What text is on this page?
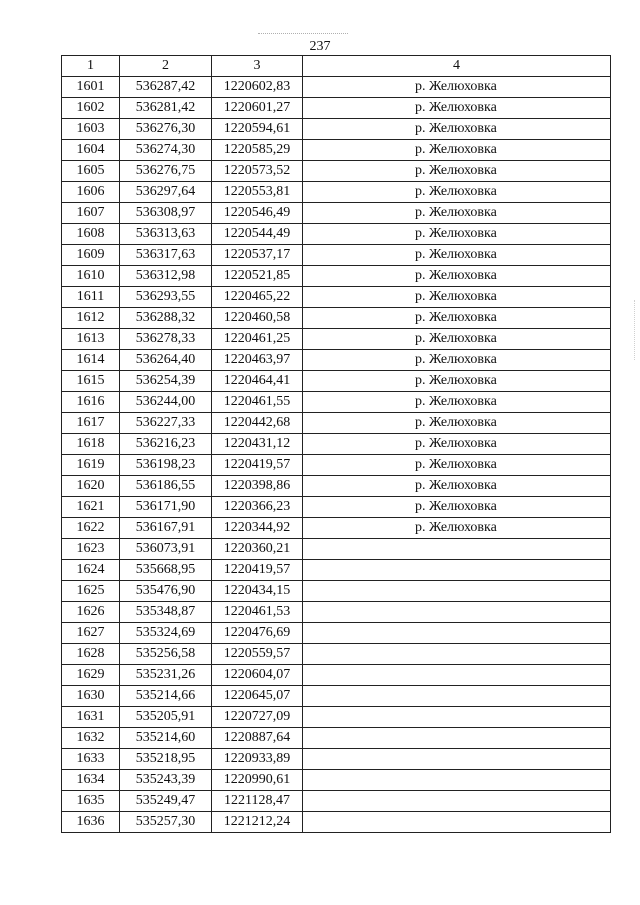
237
1	2	3	4
1601	536287,42	1220602,83	р. Желюховка
1602	536281,42	1220601,27	р. Желюховка
1603	536276,30	1220594,61	р. Желюховка
1604	536274,30	1220585,29	р. Желюховка
1605	536276,75	1220573,52	р. Желюховка
1606	536297,64	1220553,81	р. Желюховка
1607	536308,97	1220546,49	р. Желюховка
1608	536313,63	1220544,49	р. Желюховка
1609	536317,63	1220537,17	р. Желюховка
1610	536312,98	1220521,85	р. Желюховка
1611	536293,55	1220465,22	р. Желюховка
1612	536288,32	1220460,58	р. Желюховка
1613	536278,33	1220461,25	р. Желюховка
1614	536264,40	1220463,97	р. Желюховка
1615	536254,39	1220464,41	р. Желюховка
1616	536244,00	1220461,55	р. Желюховка
1617	536227,33	1220442,68	р. Желюховка
1618	536216,23	1220431,12	р. Желюховка
1619	536198,23	1220419,57	р. Желюховка
1620	536186,55	1220398,86	р. Желюховка
1621	536171,90	1220366,23	р. Желюховка
1622	536167,91	1220344,92	р. Желюховка
1623	536073,91	1220360,21	
1624	535668,95	1220419,57	
1625	535476,90	1220434,15	
1626	535348,87	1220461,53	
1627	535324,69	1220476,69	
1628	535256,58	1220559,57	
1629	535231,26	1220604,07	
1630	535214,66	1220645,07	
1631	535205,91	1220727,09	
1632	535214,60	1220887,64	
1633	535218,95	1220933,89	
1634	535243,39	1220990,61	
1635	535249,47	1221128,47	
1636	535257,30	1221212,24	
